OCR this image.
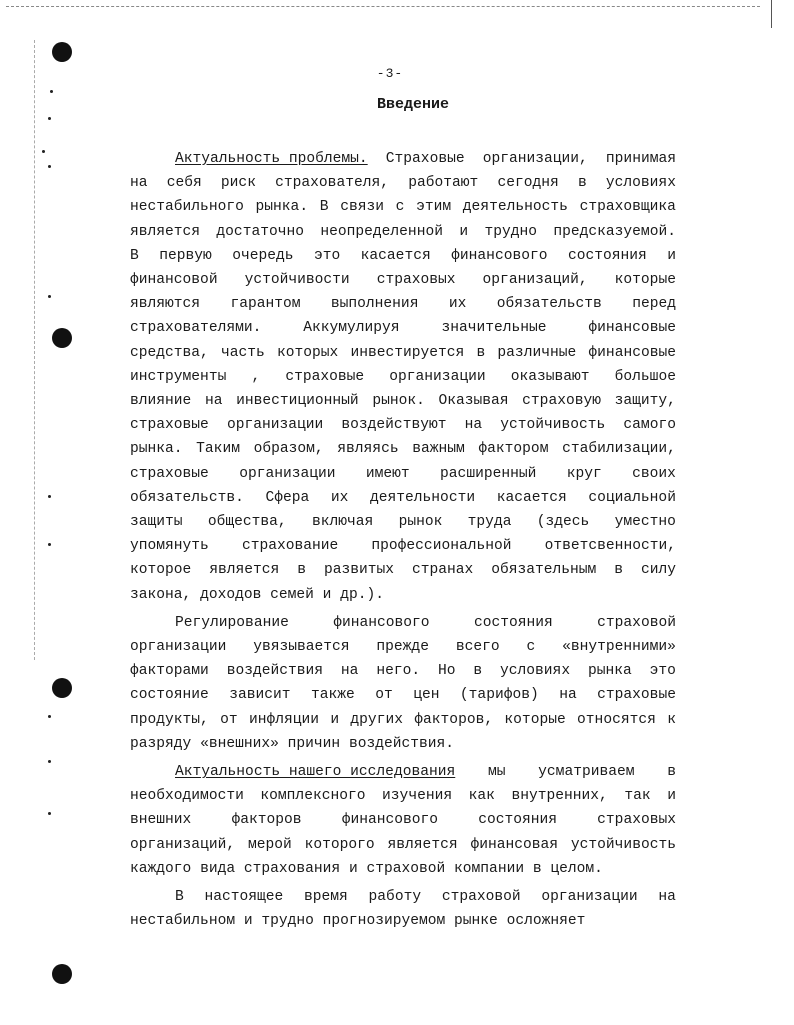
-3-
Введение
Актуальность проблемы. Страховые организации, принимая
на себя риск страхователя, работают сегодня в условиях
нестабильного рынка. В связи с этим деятельность страховщика
является достаточно неопределенной и трудно предсказуемой.
В первую очередь это касается финансового состояния и
финансовой устойчивости страховых организаций, которые
являются гарантом выполнения их обязательств перед
страхователями.	Аккумулируя	значительные	финансовые
средства, часть которых инвестируется в различные финансовые
инструменты , страховые организации оказывают большое
влияние на инвестиционный рынок. Оказывая страховую защиту,
страховые организации воздействуют на устойчивость самого
рынка. Таким образом, являясь важным фактором стабилизации,
страховые организации имеют расширенный круг своих
обязательств. Сфера их деятельности касается социальной
защиты общества, включая рынок труда (здесь уместно
упомянуть страхование профессиональной ответсвенности,
которое является в развитых странах обязательным в силу
закона, доходов семей и др.).
Регулирование	финансового	состояния	страховой
организации увязывается прежде всего с «внутренними»
факторами воздействия на него. Но в условиях рынка это
состояние зависит также от цен (тарифов) на страховые
продукты, от инфляции и других факторов, которые относятся к
разряду «внешних» причин воздействия.
Актуальность нашего исследования мы усматриваем в
необходимости комплексного изучения как внутренних, так и
внешних	факторов	финансового	состояния	страховых
организаций, мерой которого является финансовая устойчивость
каждого вида страхования и страховой компании в целом.
В настоящее время работу страховой организации на
нестабильном и трудно прогнозируемом рынке осложняет
